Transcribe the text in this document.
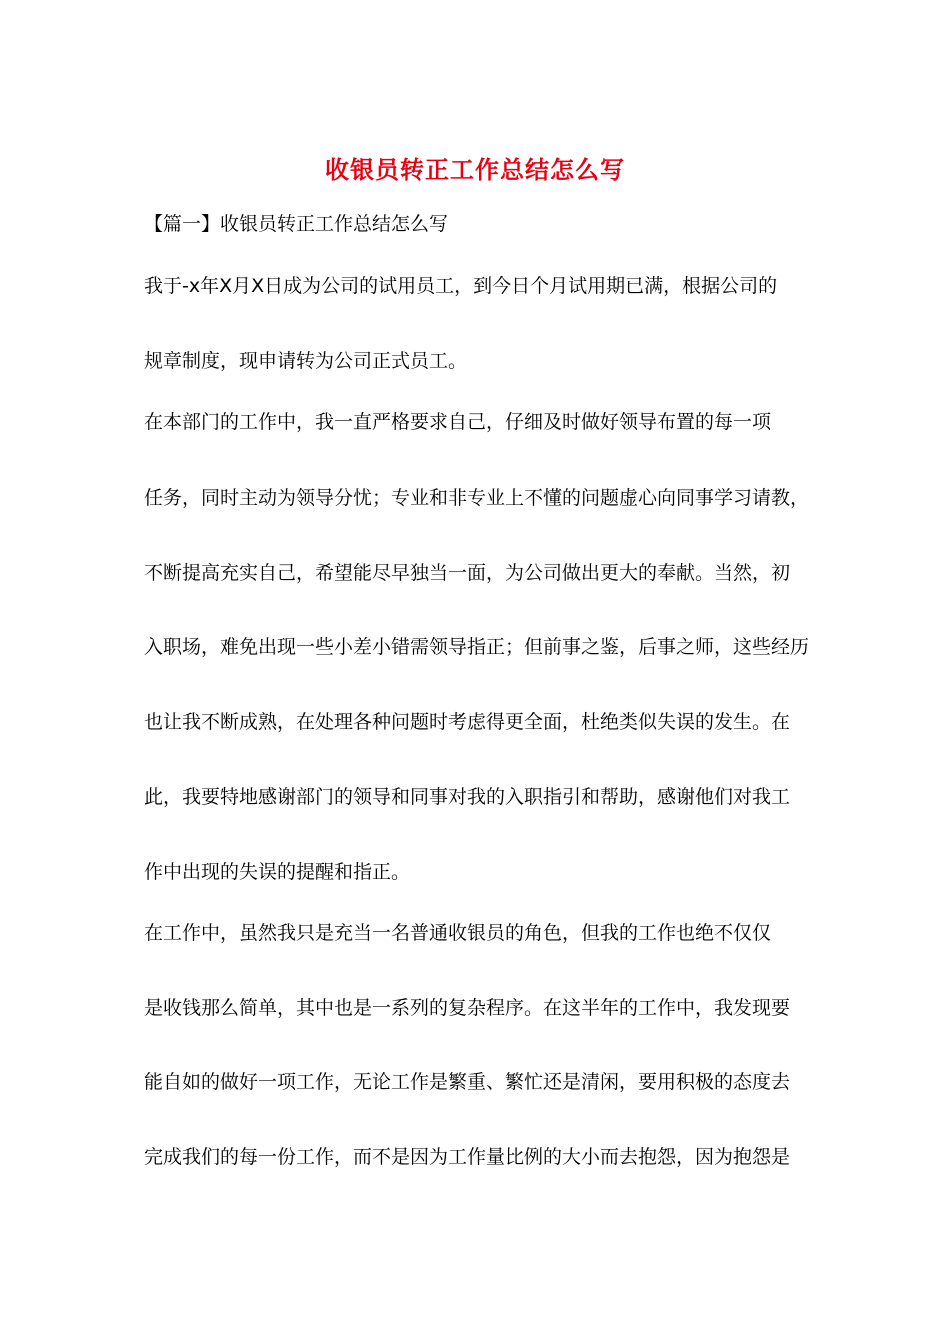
收银员转正工作总结怎么写
【篇一】收银员转正工作总结怎么写
我于-x年X月X日成为公司的试用员工，到今日个月试用期已满，根据公司的
规章制度，现申请转为公司正式员工。
在本部门的工作中，我一直严格要求自己，仔细及时做好领导布置的每一项
任务，同时主动为领导分忧；专业和非专业上不懂的问题虚心向同事学习请教，
不断提高充实自己，希望能尽早独当一面，为公司做出更大的奉献。当然，初
入职场，难免出现一些小差小错需领导指正；但前事之鉴，后事之师，这些经历
也让我不断成熟，在处理各种问题时考虑得更全面，杜绝类似失误的发生。在
此，我要特地感谢部门的领导和同事对我的入职指引和帮助，感谢他们对我工
作中出现的失误的提醒和指正。
在工作中，虽然我只是充当一名普通收银员的角色，但我的工作也绝不仅仅
是收钱那么简单，其中也是一系列的复杂程序。在这半年的工作中，我发现要
能自如的做好一项工作，无论工作是繁重、繁忙还是清闲，要用积极的态度去
完成我们的每一份工作，而不是因为工作量比例的大小而去抱怨，因为抱怨是
